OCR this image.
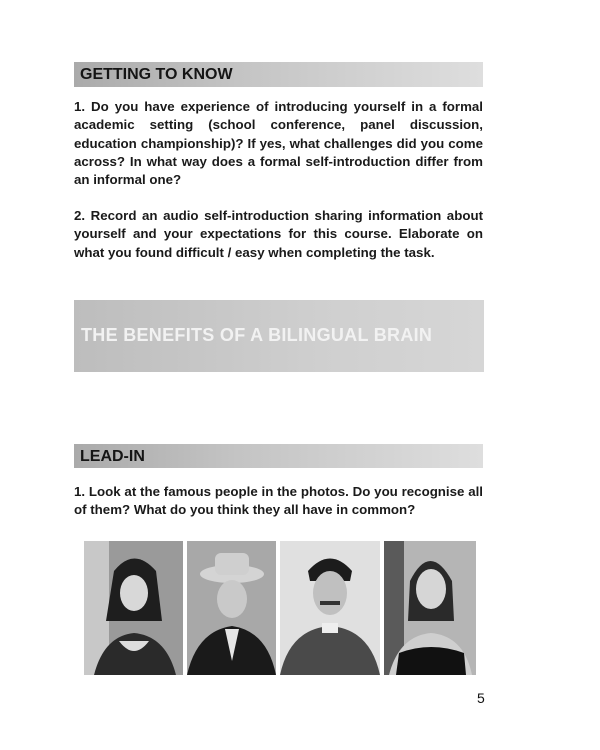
GETTING TO KNOW
1. Do you have experience of introducing yourself in a formal academic setting (school conference, panel discussion, education championship)? If yes, what challenges did you come across? In what way does a formal self-introduction differ from an informal one?
2. Record an audio self-introduction sharing information about yourself and your expectations for this course. Elaborate on what you found difficult / easy when completing the task.
THE BENEFITS OF A BILINGUAL BRAIN
LEAD-IN
1. Look at the famous people in the photos. Do you recognise all of them? What do you think they all have in common?
5
